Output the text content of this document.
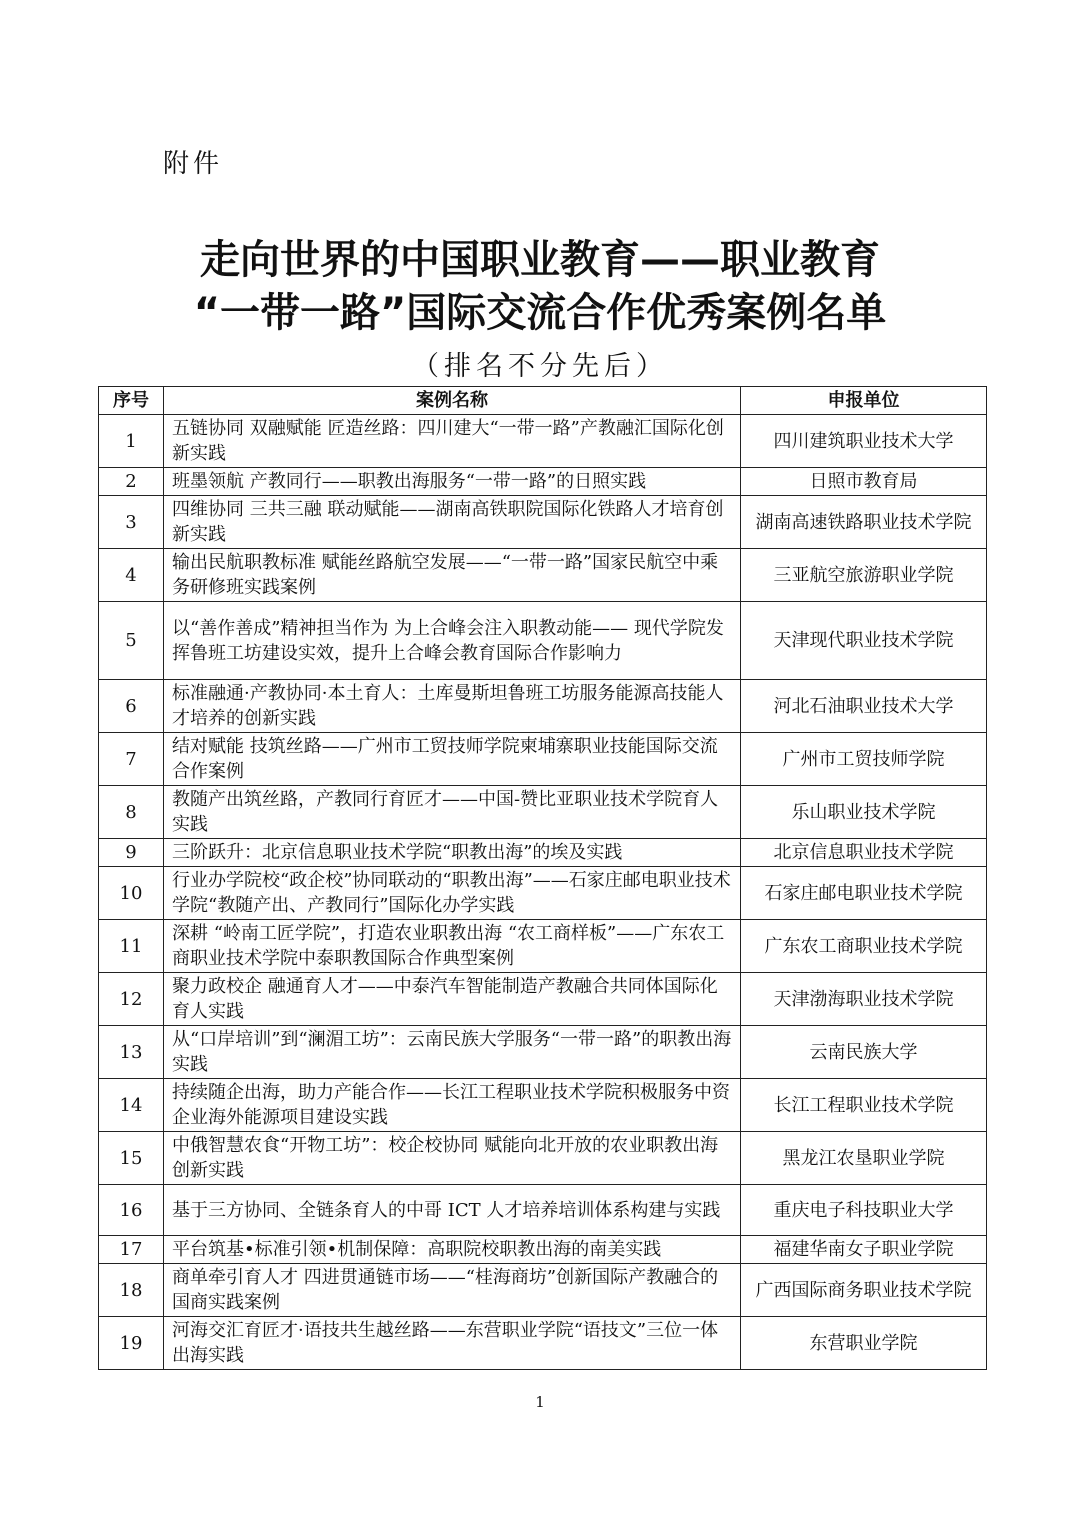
附件
走向世界的中国职业教育——职业教育
“一带一路”国际交流合作优秀案例名单
（排名不分先后）
序号	案例名称	申报单位
1	五链协同 双融赋能 匠造丝路：四川建大“一带一路”产教融汇国际化创新实践	四川建筑职业技术大学
2	班墨领航 产教同行——职教出海服务“一带一路”的日照实践	日照市教育局
3	四维协同 三共三融 联动赋能——湖南高铁职院国际化铁路人才培育创新实践	湖南高速铁路职业技术学院
4	输出民航职教标准 赋能丝路航空发展——“一带一路”国家民航空中乘务研修班实践案例	三亚航空旅游职业学院
5	以“善作善成”精神担当作为 为上合峰会注入职教动能—— 现代学院发挥鲁班工坊建设实效，提升上合峰会教育国际合作影响力	天津现代职业技术学院
6	标准融通·产教协同·本土育人：土库曼斯坦鲁班工坊服务能源高技能人才培养的创新实践	河北石油职业技术大学
7	结对赋能 技筑丝路——广州市工贸技师学院柬埔寨职业技能国际交流合作案例	广州市工贸技师学院
8	教随产出筑丝路，产教同行育匠才——中国-赞比亚职业技术学院育人实践	乐山职业技术学院
9	三阶跃升：北京信息职业技术学院“职教出海”的埃及实践	北京信息职业技术学院
10	行业办学院校“政企校”协同联动的“职教出海”——石家庄邮电职业技术学院“教随产出、产教同行”国际化办学实践	石家庄邮电职业技术学院
11	深耕 “岭南工匠学院”，打造农业职教出海 “农工商样板”——广东农工商职业技术学院中泰职教国际合作典型案例	广东农工商职业技术学院
12	聚力政校企 融通育人才——中泰汽车智能制造产教融合共同体国际化育人实践	天津渤海职业技术学院
13	从“口岸培训”到“澜湄工坊”：云南民族大学服务“一带一路”的职教出海实践	云南民族大学
14	持续随企出海，助力产能合作——长江工程职业技术学院积极服务中资企业海外能源项目建设实践	长江工程职业技术学院
15	中俄智慧农食“开物工坊”：校企校协同 赋能向北开放的农业职教出海创新实践	黑龙江农垦职业学院
16	基于三方协同、全链条育人的中哥 ICT 人才培养培训体系构建与实践	重庆电子科技职业大学
17	平台筑基•标准引领•机制保障：高职院校职教出海的南美实践	福建华南女子职业学院
18	商单牵引育人才 四进贯通链市场——“桂海商坊”创新国际产教融合的国商实践案例	广西国际商务职业技术学院
19	河海交汇育匠才·语技共生越丝路——东营职业学院“语技文”三位一体出海实践	东营职业学院
1
